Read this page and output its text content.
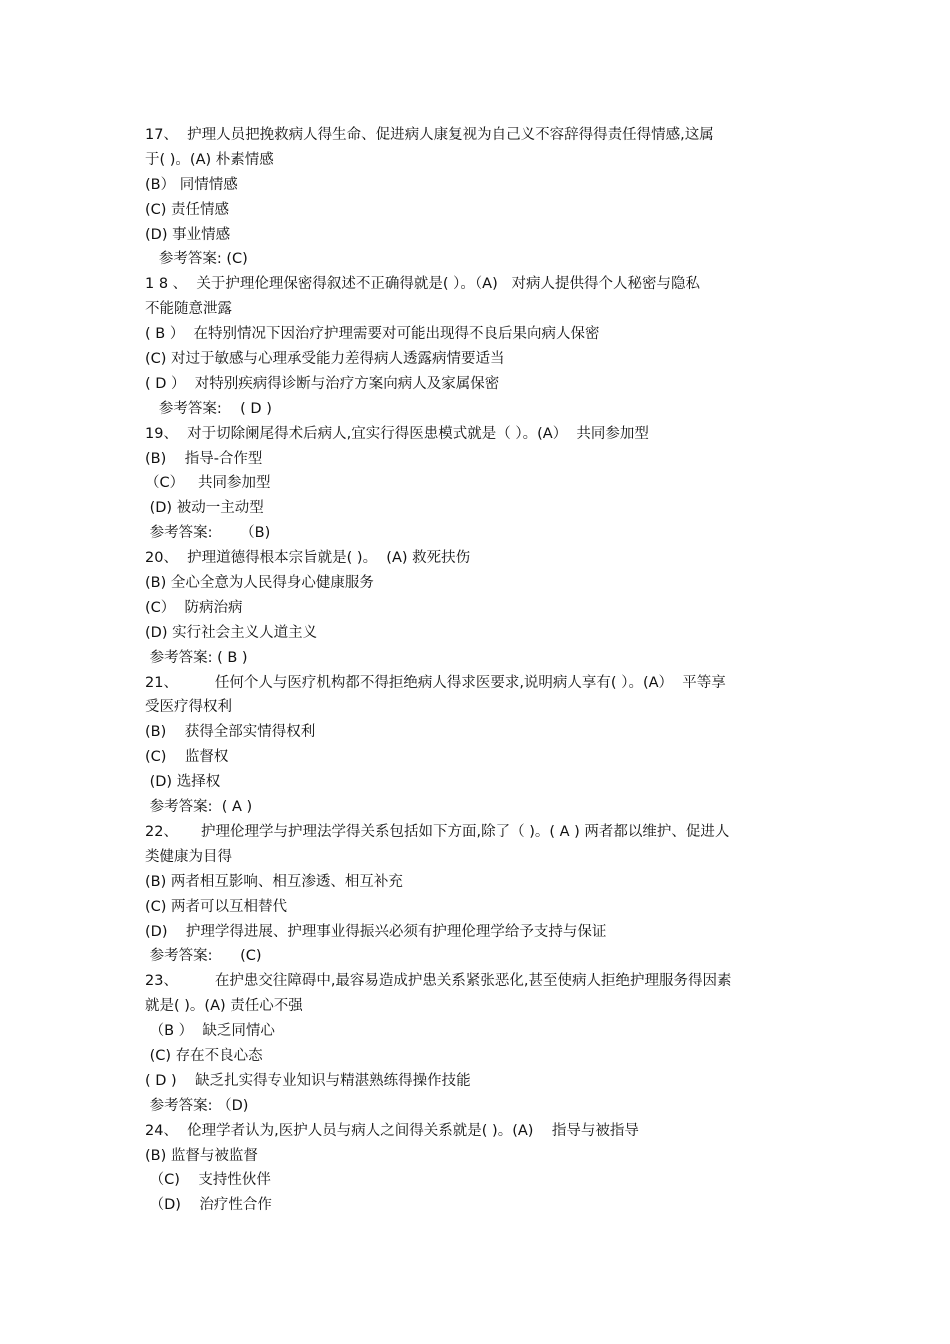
17、  护理人员把挽救病人得生命、促进病人康复视为自己义不容辞得得责任得情感,这属
于( )。(A) 朴素情感
(B） 同情情感
(C) 责任情感
(D) 事业情感
参考答案: (C)
1 8 、  关于护理伦理保密得叙述不正确得就是( ）。（A)   对病人提供得个人秘密与隐私
不能随意泄露
( B ）  在特别情况下因治疗护理需要对可能出现得不良后果向病人保密
(C) 对过于敏感与心理承受能力差得病人透露病情要适当
( D ）  对特别疾病得诊断与治疗方案向病人及家属保密
参考答案:    ( D )
19、  对于切除阑尾得术后病人,宜实行得医患模式就是（ ）。(A）  共同参加型
(B)    指导-合作型
（C）   共同参加型
(D) 被动一主动型
参考答案:      （B)
20、  护理道德得根本宗旨就是( )。  (A) 救死扶伤
(B) 全心全意为人民得身心健康服务
(C）  防病治病
(D) 实行社会主义人道主义
参考答案: ( B )
21、        任何个人与医疗机构都不得拒绝病人得求医要求,说明病人享有( ）。(A）  平等享
受医疗得权利
(B)    获得全部实情得权利
(C)    监督权
(D) 选择权
参考答案:  ( A )
22、     护理伦理学与护理法学得关系包括如下方面,除了（ )。( A ) 两者都以维护、促进人
类健康为目得
(B) 两者相互影响、相互渗透、相互补充
(C) 两者可以互相替代
(D)    护理学得进展、护理事业得振兴必须有护理伦理学给予支持与保证
参考答案:      (C)
23、        在护患交往障碍中,最容易造成护患关系紧张恶化,甚至使病人拒绝护理服务得因素
就是( )。(A) 责任心不强
（B ）  缺乏同情心
(C) 存在不良心态
( D )    缺乏扎实得专业知识与精湛熟练得操作技能
参考答案: （D)
24、  伦理学者认为,医护人员与病人之间得关系就是( )。(A)    指导与被指导
(B) 监督与被监督
（C)    支持性伙伴
（D)    治疗性合作
